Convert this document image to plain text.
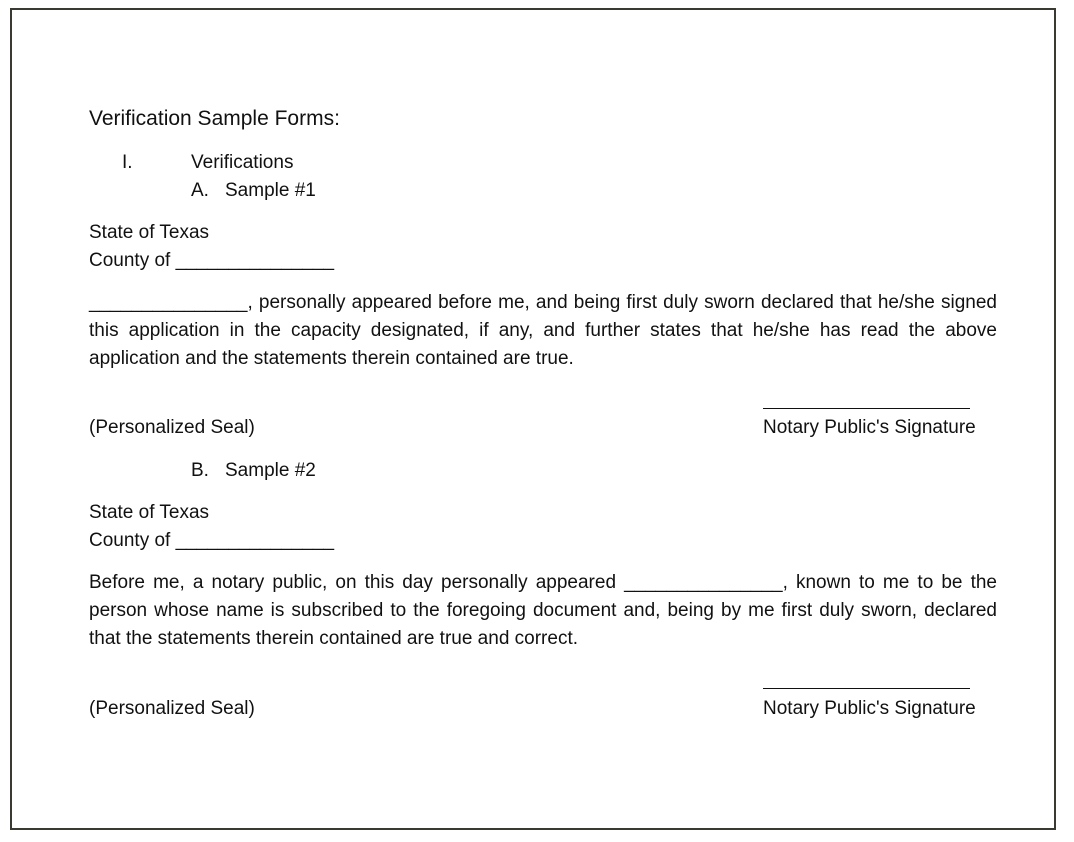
Verification Sample Forms:
I.	Verifications
A. Sample #1
State of Texas
County of _______________

_______________, personally appeared before me, and being first duly sworn declared that he/she signed this application in the capacity designated, if any, and further states that he/she has read the above application and the statements therein contained are true.

(Personalized Seal)	Notary Public's Signature
B. Sample #2
State of Texas
County of _______________

Before me, a notary public, on this day personally appeared _______________, known to me to be the person whose name is subscribed to the foregoing document and, being by me first duly sworn, declared that the statements therein contained are true and correct.

(Personalized Seal)	Notary Public's Signature
